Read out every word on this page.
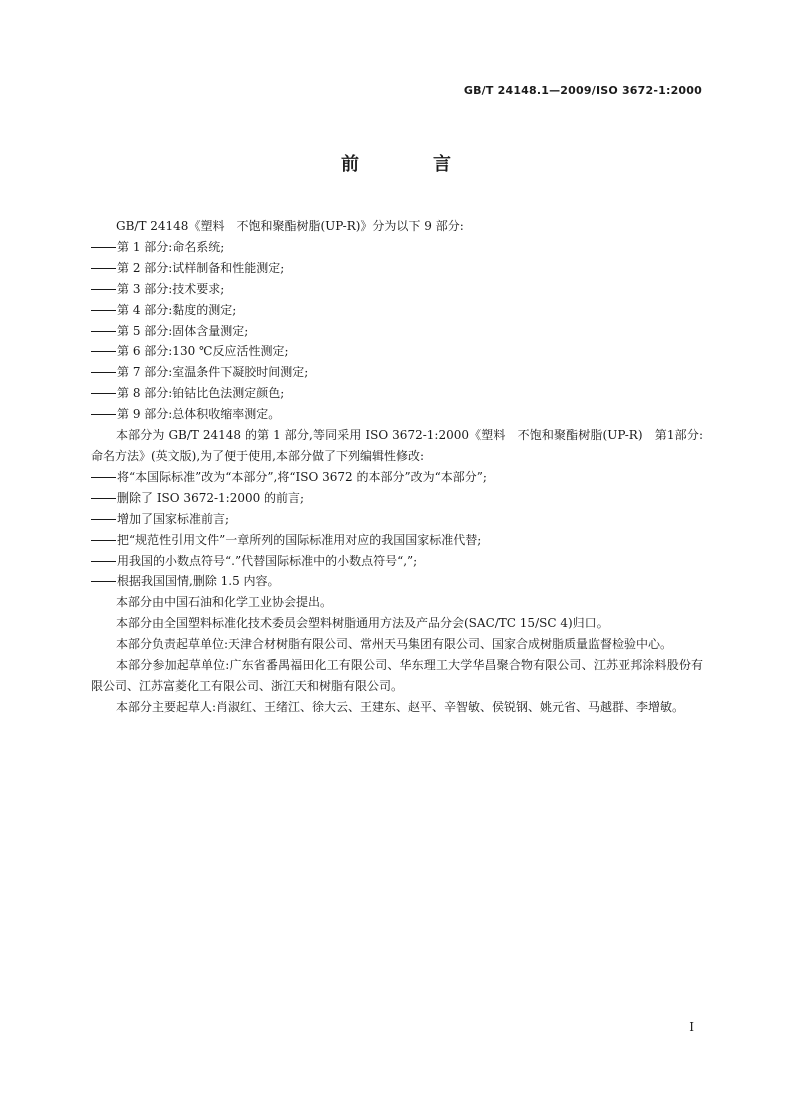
GB/T 24148.1—2009/ISO 3672-1:2000
前　言
GB/T 24148《塑料　不饱和聚酯树脂(UP-R)》分为以下 9 部分:
第 1 部分:命名系统;
第 2 部分:试样制备和性能测定;
第 3 部分:技术要求;
第 4 部分:黏度的测定;
第 5 部分:固体含量测定;
第 6 部分:130 ℃反应活性测定;
第 7 部分:室温条件下凝胶时间测定;
第 8 部分:铂钴比色法测定颜色;
第 9 部分:总体积收缩率测定。

本部分为 GB/T 24148 的第 1 部分,等同采用 ISO 3672-1:2000《塑料　不饱和聚酯树脂(UP-R)　第1部分:命名方法》(英文版),为了便于使用,本部分做了下列编辑性修改:

将“本国际标准”改为“本部分”,将“ISO 3672 的本部分”改为“本部分”;
删除了 ISO 3672-1:2000 的前言;
增加了国家标准前言;
把“规范性引用文件”一章所列的国际标准用对应的我国国家标准代替;
用我国的小数点符号“.”代替国际标准中的小数点符号“,”;
根据我国国情,删除 1.5 内容。

本部分由中国石油和化学工业协会提出。

本部分由全国塑料标准化技术委员会塑料树脂通用方法及产品分会(SAC/TC 15/SC 4)归口。

本部分负责起草单位:天津合材树脂有限公司、常州天马集团有限公司、国家合成树脂质量监督检验中心。

本部分参加起草单位:广东省番禺福田化工有限公司、华东理工大学华昌聚合物有限公司、江苏亚邦涂料股份有限公司、江苏富菱化工有限公司、浙江天和树脂有限公司。

本部分主要起草人:肖淑红、王绪江、徐大云、王建东、赵平、辛智敏、侯锐钢、姚元省、马越群、李增敏。

I
